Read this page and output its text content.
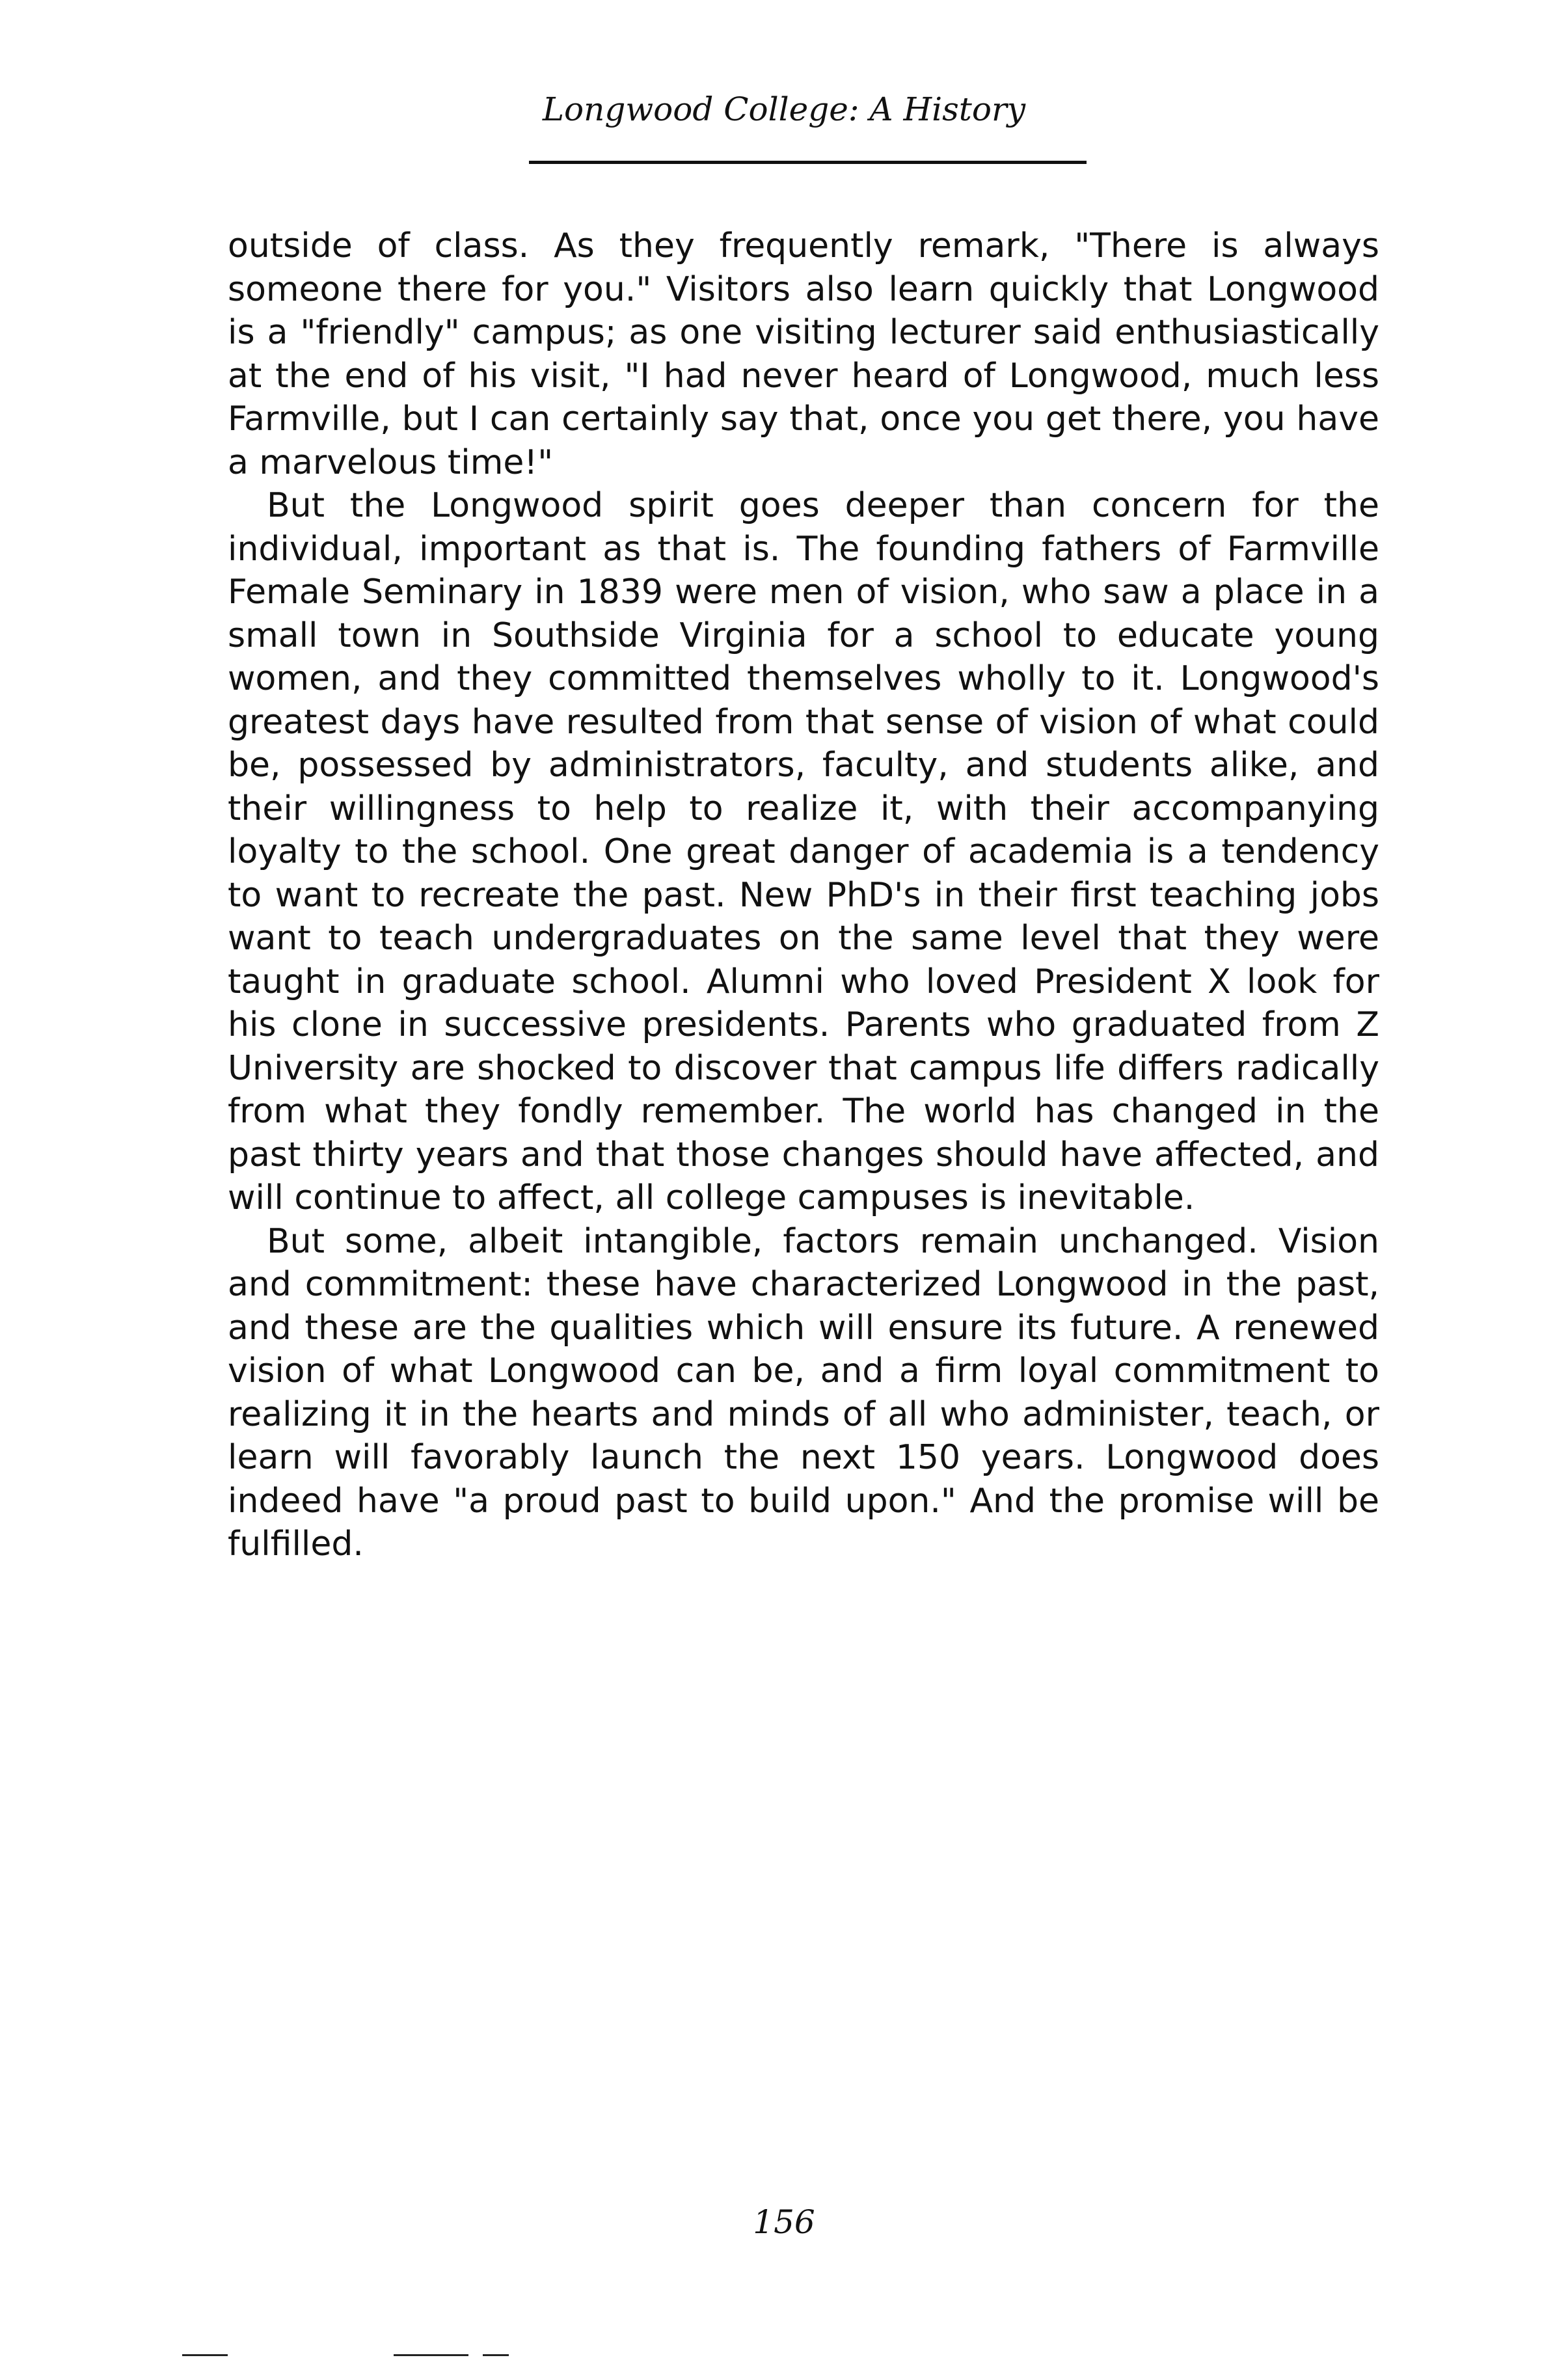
Longwood College: A History

outside of class. As they frequently remark, "There is always someone there for you." Visitors also learn quickly that Longwood is a "friendly" campus; as one visiting lecturer said enthusiastically at the end of his visit, "I had never heard of Longwood, much less Farmville, but I can certainly say that, once you get there, you have a marvelous time!"

But the Longwood spirit goes deeper than concern for the individual, important as that is. The founding fathers of Farmville Female Seminary in 1839 were men of vision, who saw a place in a small town in Southside Virginia for a school to educate young women, and they committed themselves wholly to it. Longwood's greatest days have resulted from that sense of vision of what could be, possessed by administrators, faculty, and students alike, and their willingness to help to realize it, with their accompanying loyalty to the school. One great danger of academia is a tendency to want to recreate the past. New PhD's in their first teaching jobs want to teach undergraduates on the same level that they were taught in graduate school. Alumni who loved President X look for his clone in successive presidents. Parents who graduated from Z University are shocked to discover that campus life differs radically from what they fondly remember. The world has changed in the past thirty years and that those changes should have affected, and will continue to affect, all college campuses is inevitable.

But some, albeit intangible, factors remain unchanged. Vision and commitment: these have characterized Longwood in the past, and these are the qualities which will ensure its future. A renewed vision of what Longwood can be, and a firm loyal commitment to realizing it in the hearts and minds of all who administer, teach, or learn will favorably launch the next 150 years. Longwood does indeed have "a proud past to build upon." And the promise will be fulfilled.

156
